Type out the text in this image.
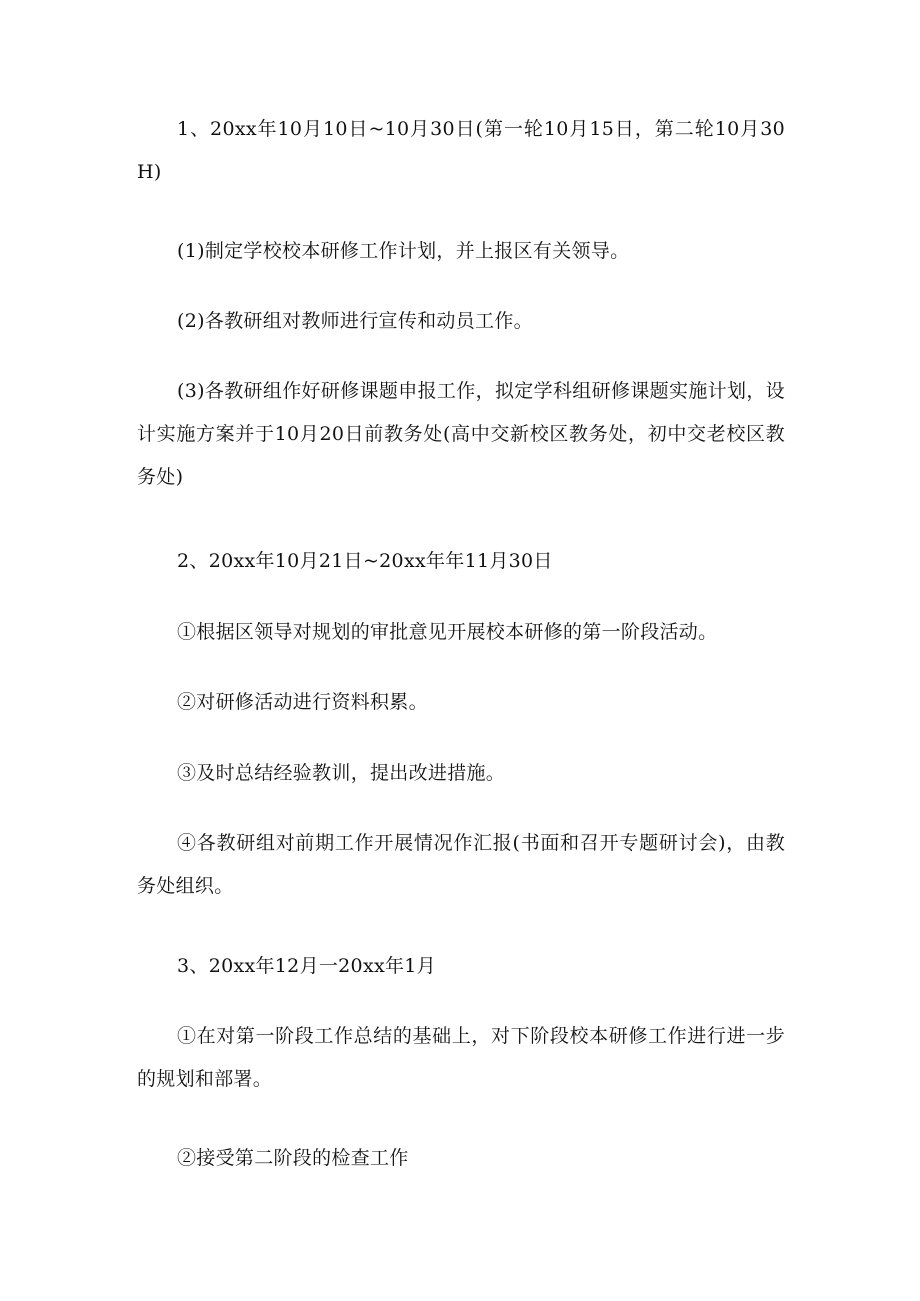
1、20xx年10月10日~10月30日(第一轮10月15日，第二轮10月30H)

(1)制定学校校本研修工作计划，并上报区有关领导。

(2)各教研组对教师进行宣传和动员工作。

(3)各教研组作好研修课题申报工作，拟定学科组研修课题实施计划，设计实施方案并于10月20日前教务处(高中交新校区教务处，初中交老校区教务处)

2、20xx年10月21日~20xx年年11月30日

①根据区领导对规划的审批意见开展校本研修的第一阶段活动。

②对研修活动进行资料积累。

③及时总结经验教训，提出改进措施。

④各教研组对前期工作开展情况作汇报(书面和召开专题研讨会)，由教务处组织。

3、20xx年12月一20xx年1月

①在对第一阶段工作总结的基础上，对下阶段校本研修工作进行进一步的规划和部署。

②接受第二阶段的检查工作
